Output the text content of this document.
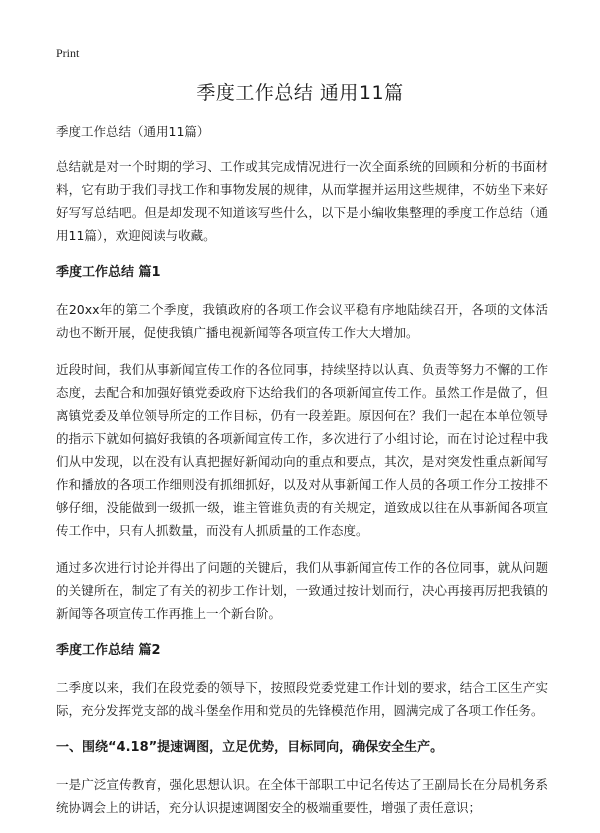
Print
季度工作总结 通用11篇

季度工作总结（通用11篇）

总结就是对一个时期的学习、工作或其完成情况进行一次全面系统的回顾和分析的书面材料，它有助于我们寻找工作和事物发展的规律，从而掌握并运用这些规律，不妨坐下来好好写写总结吧。但是却发现不知道该写些什么，以下是小编收集整理的季度工作总结（通用11篇），欢迎阅读与收藏。

季度工作总结 篇1

在20xx年的第二个季度，我镇政府的各项工作会议平稳有序地陆续召开，各项的文体活动也不断开展，促使我镇广播电视新闻等各项宣传工作大大增加。

近段时间，我们从事新闻宣传工作的各位同事，持续坚持以认真、负责等努力不懈的工作态度，去配合和加强好镇党委政府下达给我们的各项新闻宣传工作。虽然工作是做了，但离镇党委及单位领导所定的工作目标，仍有一段差距。原因何在？我们一起在本单位领导的指示下就如何搞好我镇的各项新闻宣传工作，多次进行了小组讨论，而在讨论过程中我们从中发现，以在没有认真把握好新闻动向的重点和要点，其次，是对突发性重点新闻写作和播放的各项工作细则没有抓细抓好，以及对从事新闻工作人员的各项工作分工按排不够仔细，没能做到一级抓一级，谁主管谁负责的有关规定，道致成以往在从事新闻各项宣传工作中，只有人抓数量，而没有人抓质量的工作态度。

通过多次进行讨论并得出了问题的关键后，我们从事新闻宣传工作的各位同事，就从问题的关键所在，制定了有关的初步工作计划，一致通过按计划而行，决心再接再厉把我镇的新闻等各项宣传工作再推上一个新台阶。

季度工作总结 篇2

二季度以来，我们在段党委的领导下，按照段党委党建工作计划的要求，结合工区生产实际，充分发挥党支部的战斗堡垒作用和党员的先锋模范作用，圆满完成了各项工作任务。

一、围绕“4.18”提速调图，立足优势，目标同向，确保安全生产。

一是广泛宣传教育，强化思想认识。在全体干部职工中记名传达了王副局长在分局机务系统协调会上的讲话，充分认识提速调图安全的极端重要性，增强了责任意识；
